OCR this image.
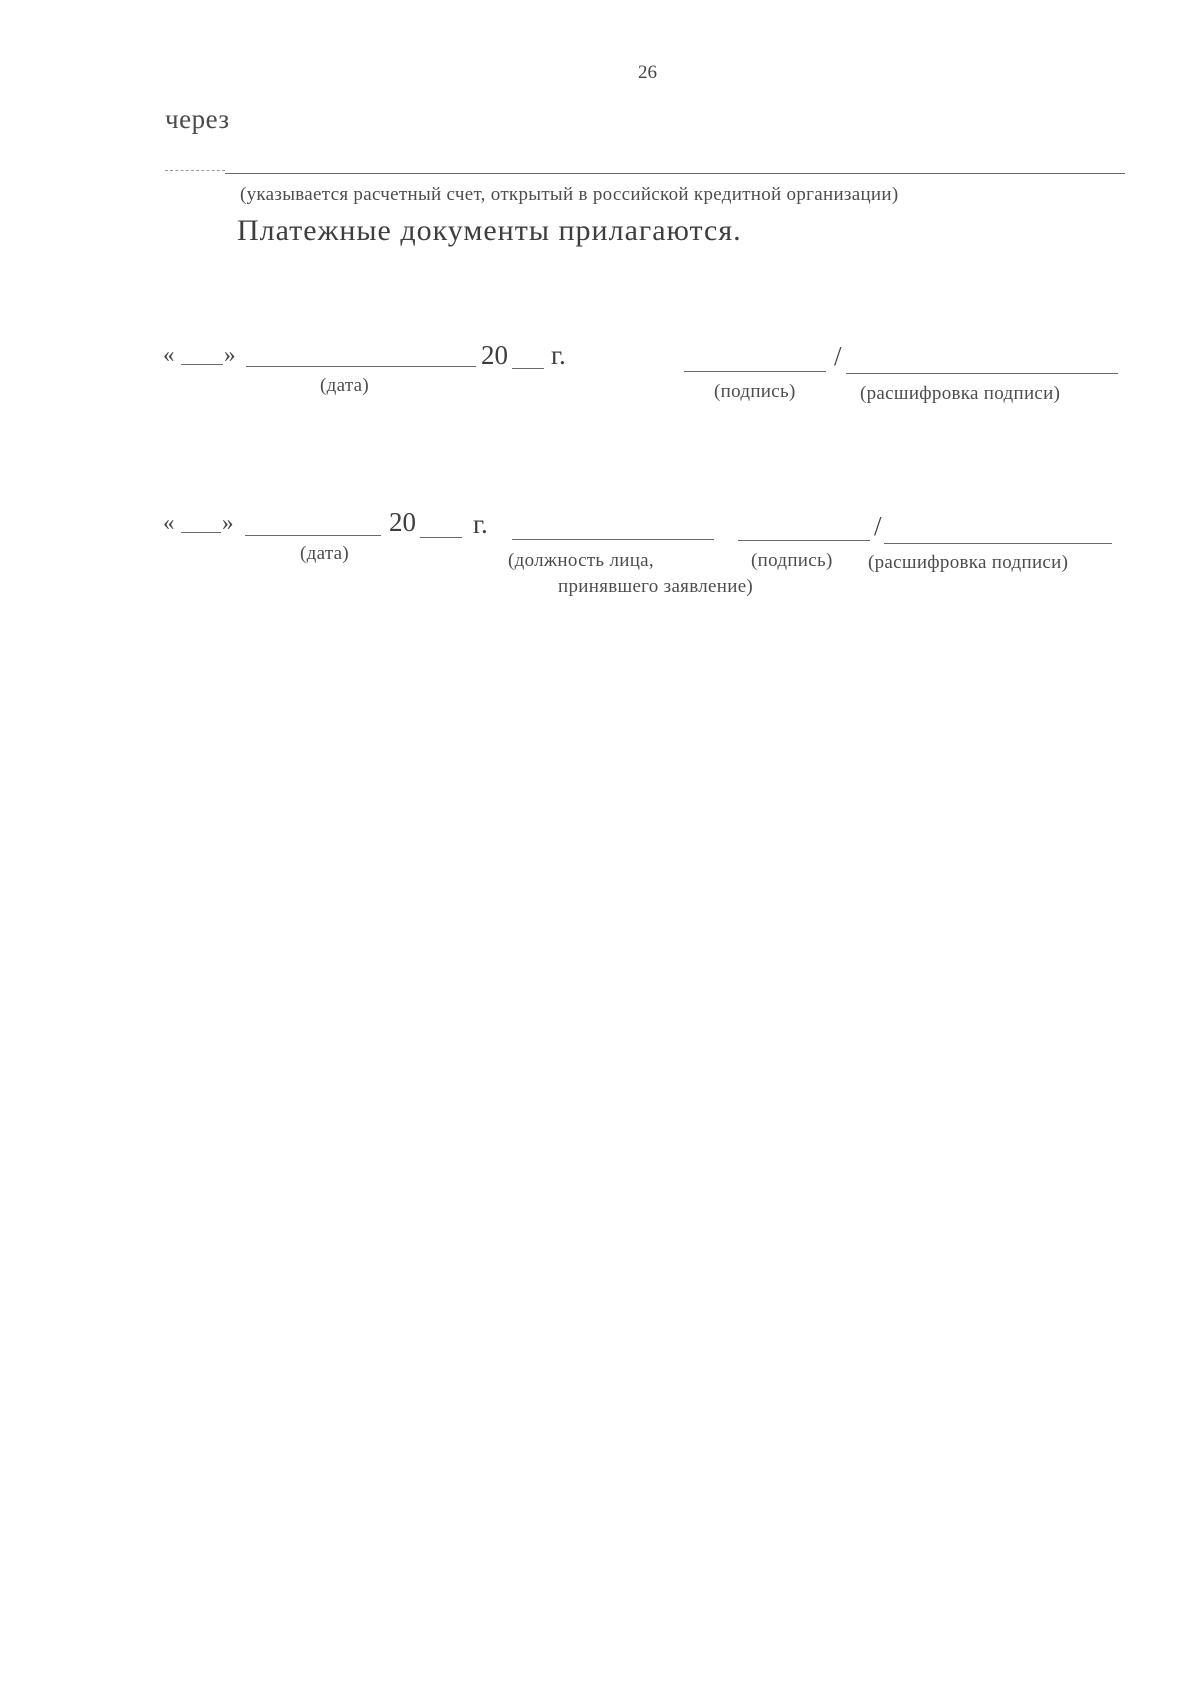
26
через
(указывается расчетный счет, открытый в российской кредитной организации)
Платежные документы прилагаются.
« »	20 г.
(дата)
/
(подпись)	(расшифровка подписи)
« »	20 г.
(дата)	(должность лица,
принявшего заявление)
/
(подпись) (расшифровка подписи)
